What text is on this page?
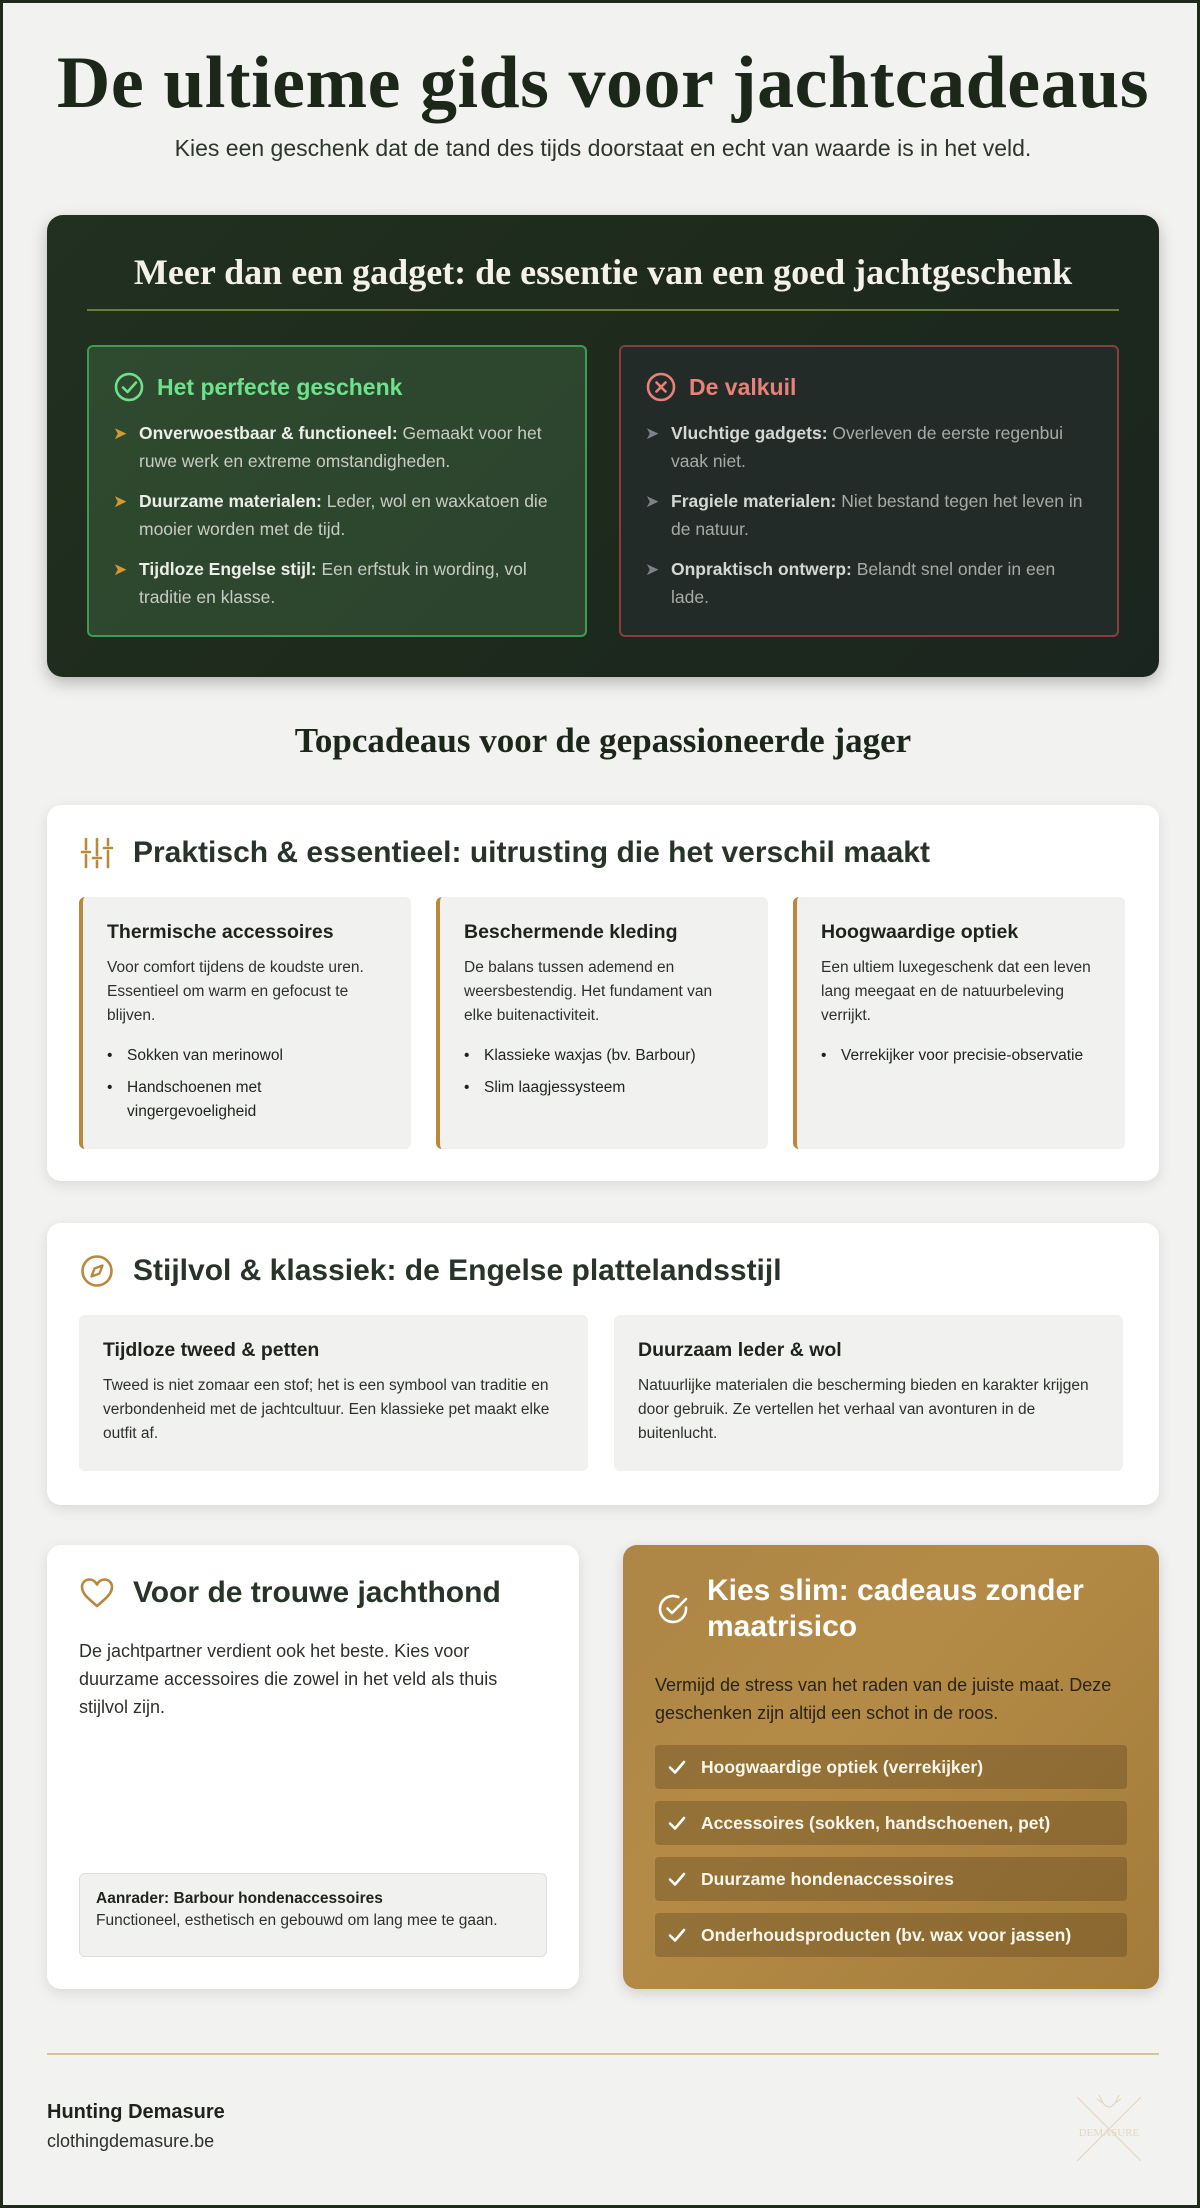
De ultieme gids voor jachtcadeaus

Kies een geschenk dat de tand des tijds doorstaat en echt van waarde is in het veld.

Meer dan een gadget: de essentie van een goed jachtgeschenk
Het perfecte geschenk
➤ Onverwoestbaar & functioneel: Gemaakt voor het ruwe werk en extreme omstandigheden.
➤ Duurzame materialen: Leder, wol en waxkatoen die mooier worden met de tijd.
➤ Tijdloze Engelse stijl: Een erfstuk in wording, vol traditie en klasse.
De valkuil
➤ Vluchtige gadgets: Overleven de eerste regenbui vaak niet.
➤ Fragiele materialen: Niet bestand tegen het leven in de natuur.
➤ Onpraktisch ontwerp: Belandt snel onder in een lade.
Topcadeaus voor de gepassioneerde jager
Praktisch & essentieel: uitrusting die het verschil maakt
Thermische accessoires

Voor comfort tijdens de koudste uren. Essentieel om warm en gefocust te blijven.

• Sokken van merinowol
• Handschoenen met vingergevoeligheid
Beschermende kleding

De balans tussen ademend en weersbestendig. Het fundament van elke buitenactiviteit.

• Klassieke waxjas (bv. Barbour)
• Slim laagjessysteem
Hoogwaardige optiek

Een ultiem luxegeschenk dat een leven lang meegaat en de natuurbeleving verrijkt.

• Verrekijker voor precisie-observatie
Stijlvol & klassiek: de Engelse plattelandsstijl
Tijdloze tweed & petten

Tweed is niet zomaar een stof; het is een symbool van traditie en verbondenheid met de jachtcultuur. Een klassieke pet maakt elke outfit af.

Duurzaam leder & wol

Natuurlijke materialen die bescherming bieden en karakter krijgen door gebruik. Ze vertellen het verhaal van avonturen in de buitenlucht.

Voor de trouwe jachthond

De jachtpartner verdient ook het beste. Kies voor duurzame accessoires die zowel in het veld als thuis stijlvol zijn.

Aanrader: Barbour hondenaccessoires
Functioneel, esthetisch en gebouwd om lang mee te gaan.
Kies slim: cadeaus zonder maatrisico

Vermijd de stress van het raden van de juiste maat. Deze geschenken zijn altijd een schot in de roos.

Hoogwaardige optiek (verrekijker)
Accessoires (sokken, handschoenen, pet)
Duurzame hondenaccessoires
Onderhoudsproducten (bv. wax voor jassen)
Hunting Demasure
clothingdemasure.be	DEMASURE
